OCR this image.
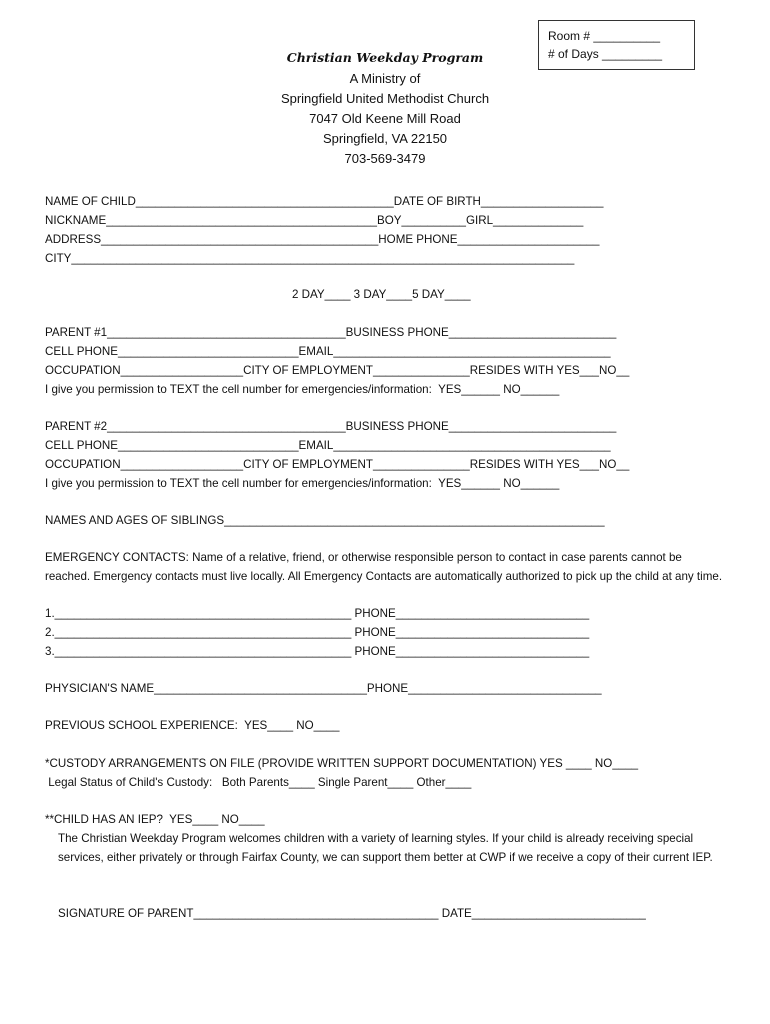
Room # __________
# of Days _________
Christian Weekday Program
A Ministry of
Springfield United Methodist Church
7047 Old Keene Mill Road
Springfield, VA 22150
703-569-3479
NAME OF CHILD________________________________________DATE OF BIRTH___________________
NICKNAME__________________________________________BOY__________GIRL______________
ADDRESS___________________________________________HOME PHONE______________________
CITY______________________________________________________________________________
2 DAY____ 3 DAY____5 DAY____
PARENT #1_____________________________________BUSINESS PHONE__________________________
CELL PHONE____________________________EMAIL___________________________________________
OCCUPATION___________________CITY OF EMPLOYMENT_______________RESIDES WITH YES___NO__
I give you permission to TEXT the cell number for emergencies/information:  YES______ NO______
PARENT #2_____________________________________BUSINESS PHONE__________________________
CELL PHONE____________________________EMAIL___________________________________________
OCCUPATION___________________CITY OF EMPLOYMENT_______________RESIDES WITH YES___NO__
I give you permission to TEXT the cell number for emergencies/information:  YES______ NO______
NAMES AND AGES OF SIBLINGS___________________________________________________________
EMERGENCY CONTACTS: Name of a relative, friend, or otherwise responsible person to contact in case parents cannot be reached. Emergency contacts must live locally. All Emergency Contacts are automatically authorized to pick up the child at any time.
1.______________________________________________ PHONE______________________________
2.______________________________________________ PHONE______________________________
3.______________________________________________ PHONE______________________________
PHYSICIAN'S NAME_________________________________PHONE______________________________
PREVIOUS SCHOOL EXPERIENCE:  YES____ NO____
*CUSTODY ARRANGEMENTS ON FILE (PROVIDE WRITTEN SUPPORT DOCUMENTATION) YES ____ NO____
Legal Status of Child's Custody:   Both Parents____ Single Parent____ Other____
**CHILD HAS AN IEP?  YES____ NO____
The Christian Weekday Program welcomes children with a variety of learning styles. If your child is already receiving special services, either privately or through Fairfax County, we can support them better at CWP if we receive a copy of their current IEP.
SIGNATURE OF PARENT______________________________________ DATE___________________________
